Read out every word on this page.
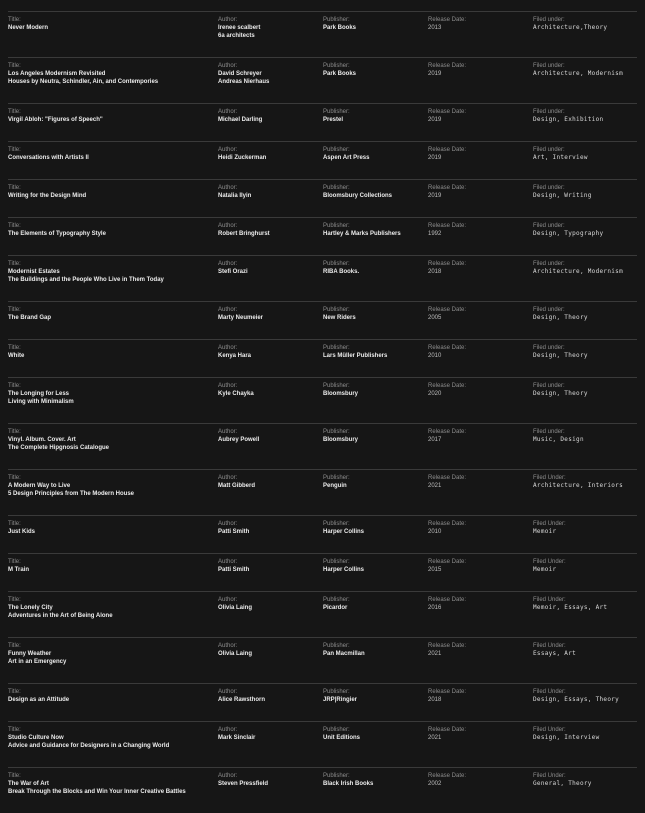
Title:
Never Modern
Author:
Irenee scalbert
6a architects
Publisher:
Park Books
Release Date:
2013
Filed under:
Architecture,Theory
Title:
Los Angeles Modernism Revisited
Houses by Neutra, Schindler, Ain, and Contempories
Author:
David Schreyer
Andreas Nierhaus
Publisher:
Park Books
Release Date:
2019
Filed under:
Architecture, Modernism
Title:
Virgil Abloh: "Figures of Speech"
Author:
Michael Darling
Publisher:
Prestel
Release Date:
2019
Filed under:
Design, Exhibition
Title:
Conversations with Artists II
Author:
Heidi Zuckerman
Publisher:
Aspen Art Press
Release Date:
2019
Filed under:
Art, Interview
Title:
Writing for the Design Mind
Author:
Natalia Ilyin
Publisher:
Bloomsbury Collections
Release Date:
2019
Filed under:
Design, Writing
Title:
The Elements of Typography Style
Author:
Robert Bringhurst
Publisher:
Hartley & Marks Publishers
Release Date:
1992
Filed under:
Design, Typography
Title:
Modernist Estates
The Buildings and the People Who Live in Them Today
Author:
Stefi Orazi
Publisher:
RIBA Books.
Release Date:
2018
Filed under:
Architecture, Modernism
Title:
The Brand Gap
Author:
Marty Neumeier
Publisher:
New Riders
Release Date:
2005
Filed under:
Design, Theory
Title:
White
Author:
Kenya Hara
Publisher:
Lars Müller Publishers
Release Date:
2010
Filed under:
Design, Theory
Title:
The Longing for Less
Living with Minimalism
Author:
Kyle Chayka
Publisher:
Bloomsbury
Release Date:
2020
Filed under:
Design, Theory
Title:
Vinyl. Album. Cover. Art
The Complete Hipgnosis Catalogue
Author:
Aubrey Powell
Publisher:
Bloomsbury
Release Date:
2017
Filed under:
Music, Design
Title:
A Modern Way to Live
5 Design Principles from The Modern House
Author:
Matt Gibberd
Publisher:
Penguin
Release Date:
2021
Filed Under:
Architecture, Interiors
Title:
Just Kids
Author:
Patti Smith
Publisher:
Harper Collins
Release Date:
2010
Filed Under:
Memoir
Title:
M Train
Author:
Patti Smith
Publisher:
Harper Collins
Release Date:
2015
Filed Under:
Memoir
Title:
The Lonely City
Adventures in the Art of Being Alone
Author:
Olivia Laing
Publisher:
Picardor
Release Date:
2016
Filed Under:
Memoir, Essays, Art
Title:
Funny Weather
Art in an Emergency
Author:
Olivia Laing
Publisher:
Pan Macmillan
Release Date:
2021
Filed Under:
Essays, Art
Title:
Design as an Attitude
Author:
Alice Rawsthorn
Publisher:
JRP|Ringier
Release Date:
2018
Filed Under:
Design, Essays, Theory
Title:
Studio Culture Now
Advice and Guidance for Designers in a Changing World
Author:
Mark Sinclair
Publisher:
Unit Editions
Release Date:
2021
Filed Under:
Design, Interview
Title:
The War of Art
Break Through the Blocks and Win Your Inner Creative Battles
Author:
Steven Pressfield
Publisher:
Black Irish Books
Release Date:
2002
Filed Under:
General, Theory
